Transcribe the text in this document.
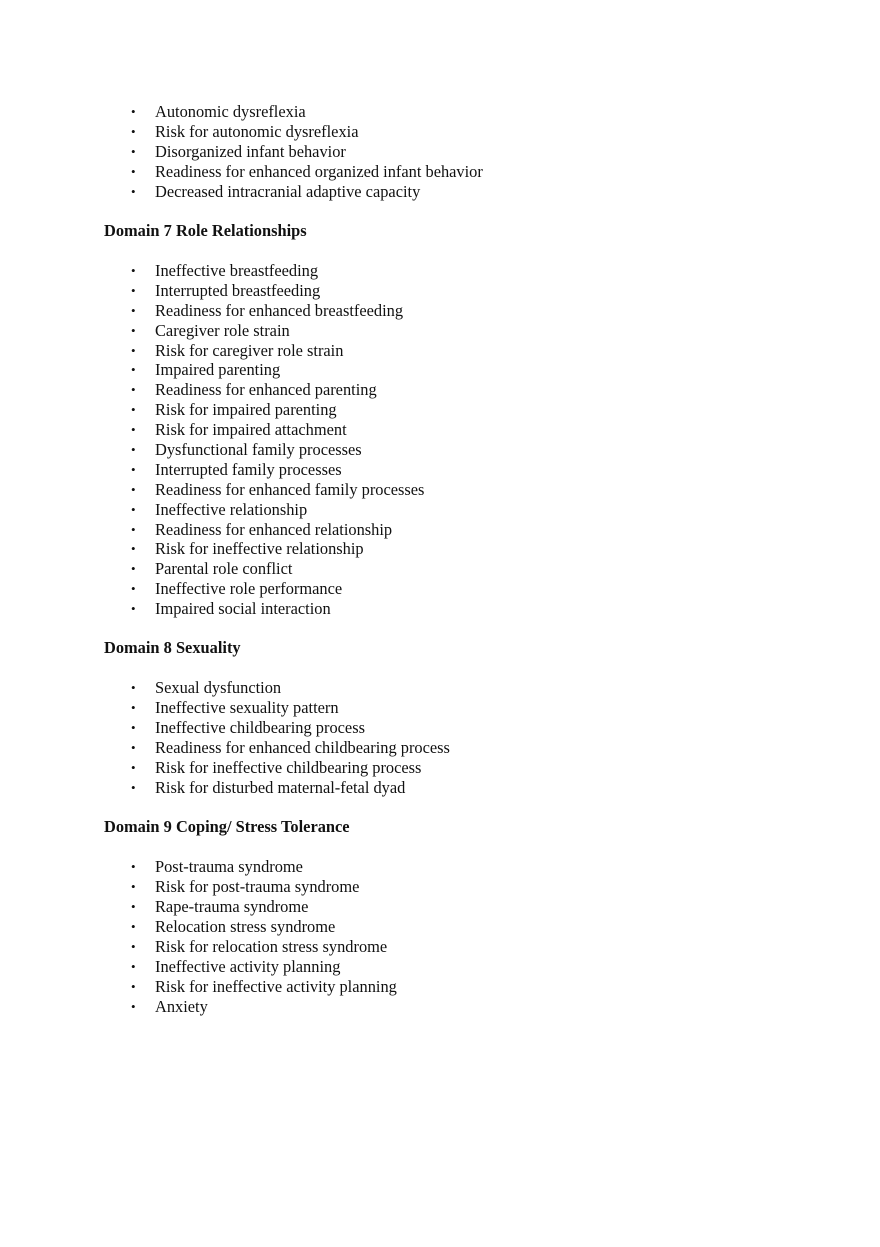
• Autonomic dysreflexia
• Risk for autonomic dysreflexia
• Disorganized infant behavior
• Readiness for enhanced organized infant behavior
• Decreased intracranial adaptive capacity
Domain 7 Role Relationships
• Ineffective breastfeeding
• Interrupted breastfeeding
• Readiness for enhanced breastfeeding
• Caregiver role strain
• Risk for caregiver role strain
• Impaired parenting
• Readiness for enhanced parenting
• Risk for impaired parenting
• Risk for impaired attachment
• Dysfunctional family processes
• Interrupted family processes
• Readiness for enhanced family processes
• Ineffective relationship
• Readiness for enhanced relationship
• Risk for ineffective relationship
• Parental role conflict
• Ineffective role performance
• Impaired social interaction
Domain 8 Sexuality
• Sexual dysfunction
• Ineffective sexuality pattern
• Ineffective childbearing process
• Readiness for enhanced childbearing process
• Risk for ineffective childbearing process
• Risk for disturbed maternal-fetal dyad
Domain 9 Coping/ Stress Tolerance
• Post-trauma syndrome
• Risk for post-trauma syndrome
• Rape-trauma syndrome
• Relocation stress syndrome
• Risk for relocation stress syndrome
• Ineffective activity planning
• Risk for ineffective activity planning
• Anxiety
